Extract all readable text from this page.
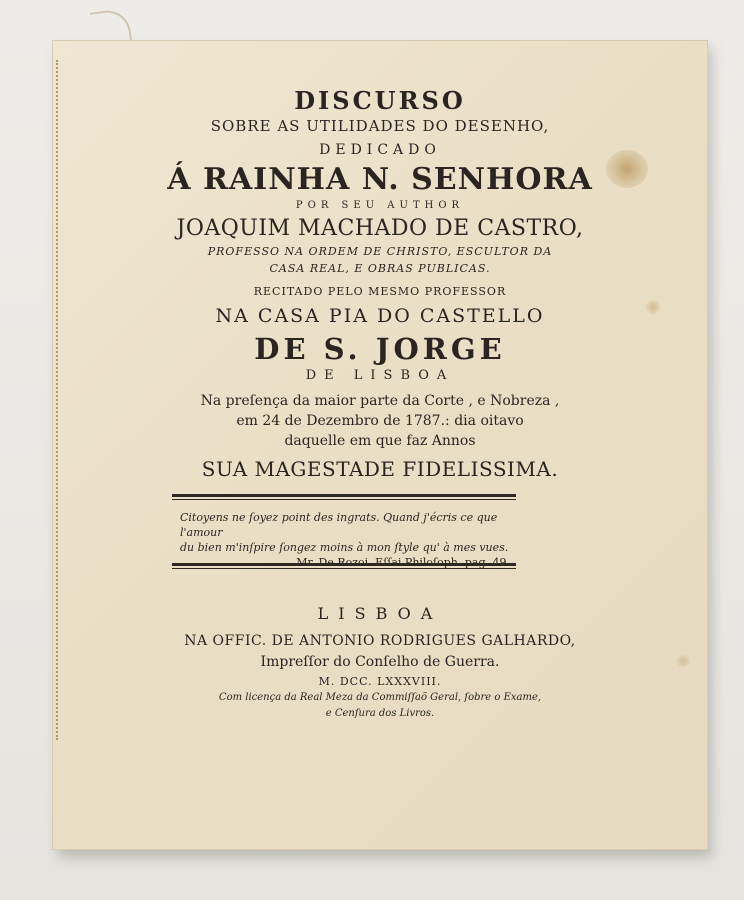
DISCURSO
SOBRE AS UTILIDADES DO DESENHO,
DEDICADO
Á RAINHA N. SENHORA
POR SEU AUTHOR
JOAQUIM MACHADO DE CASTRO,
PROFESSO NA ORDEM DE CHRISTO, ESCULTOR DA
CASA REAL, E OBRAS PUBLICAS.
RECITADO PELO MESMO PROFESSOR
NA CASA PIA DO CASTELLO
DE S. JORGE
DE LISBOA
Na preſença da maior parte da Corte , e Nobreza ,
em 24 de Dezembro de 1787.: dia oitavo
daquelle em que faz Annos
SUA MAGESTADE FIDELISSIMA.
Citoyens ne ſoyez point des ingrats. Quand j'écris ce que l'amour
du bien m'inſpire ſongez moins à mon ſtyle qu' à mes vues.
Mr. De Rozoi. Eſſai Philoſoph. pag. 49.
LISBOA
NA OFFIC. DE ANTONIO RODRIGUES GALHARDO,
Impreſſor do Conſelho de Guerra.
M. DCC. LXXXVIII.
Com licença da Real Meza da Commiſſaõ Geral, ſobre o Exame,
e Cenſura dos Livros.
